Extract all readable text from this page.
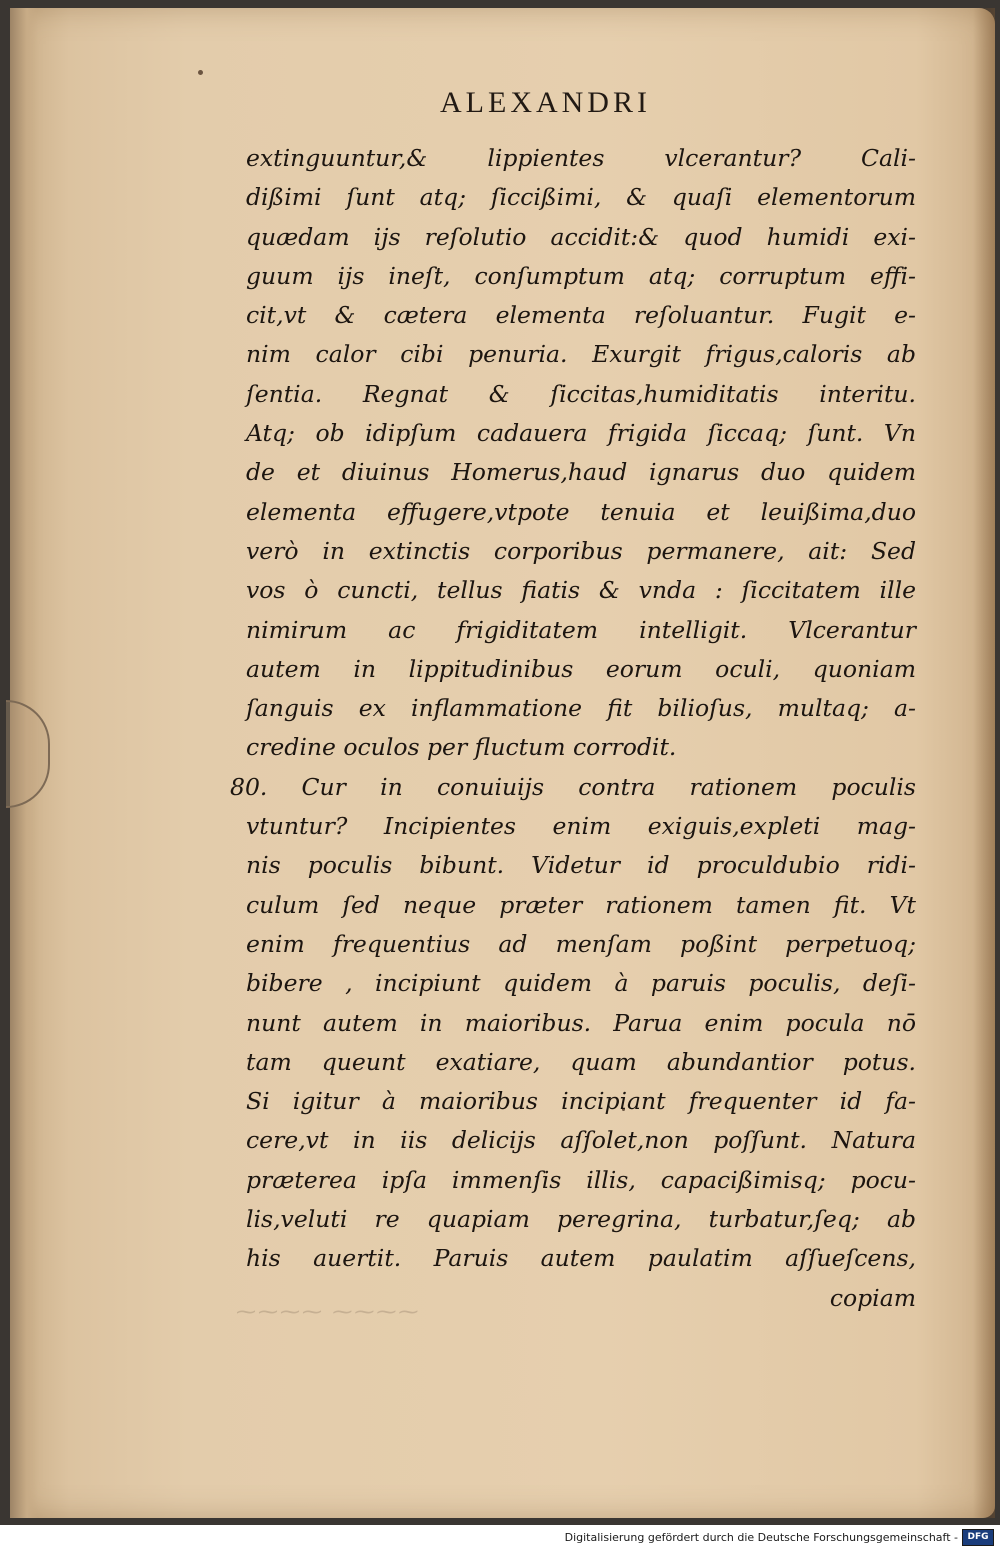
ALEXANDRI
⁓⁓⁓⁓ ⁓⁓⁓⁓
extinguuntur,& lippientes vlcerantur? Cali-
dißimi ſunt atq; ſiccißimi, & quaſi elementorum
quædam ijs reſolutio accidit:& quod humidi exi-
guum ijs ineſt, conſumptum atq; corruptum effi-
cit,vt & cætera elementa reſoluantur. Fugit e-
nim calor cibi penuria. Exurgit frigus,caloris ab
ſentia. Regnat & ſiccitas,humiditatis interitu.
Atq; ob idipſum cadauera frigida ſiccaq; ſunt. Vn
de et diuinus Homerus,haud ignarus duo quidem
elementa effugere,vtpote tenuia et leuißima,duo
verò in extinctis corporibus permanere, ait: Sed
vos ò cuncti, tellus fiatis & vnda : ſiccitatem ille
nimirum ac frigiditatem intelligit. Vlcerantur
autem in lippitudinibus eorum oculi, quoniam
ſanguis ex inflammatione fit bilioſus, multaq; a-
credine oculos per fluctum corrodit.
80. Cur in conuiuijs contra rationem poculis
vtuntur? Incipientes enim exiguis,expleti mag-
nis poculis bibunt. Videtur id proculdubio ridi-
culum ſed neque præter rationem tamen fit. Vt
enim frequentius ad menſam poßint perpetuoq;
bibere , incipiunt quidem à paruis poculis, deſi-
nunt autem in maioribus. Parua enim pocula nō
tam queunt exatiare, quam abundantior potus.
Si igitur à maioribus incipiant frequenter id fa-
cere,vt in iis delicijs aſſolet,non poſſunt. Natura
præterea ipſa immenſis illis, capacißimisq; pocu-
lis,veluti re quapiam peregrina, turbatur,ſeq; ab
his auertit. Paruis autem paulatim aſſueſcens,
copiam
Digitalisierung gefördert durch die Deutsche Forschungsgemeinschaft -	DFG
